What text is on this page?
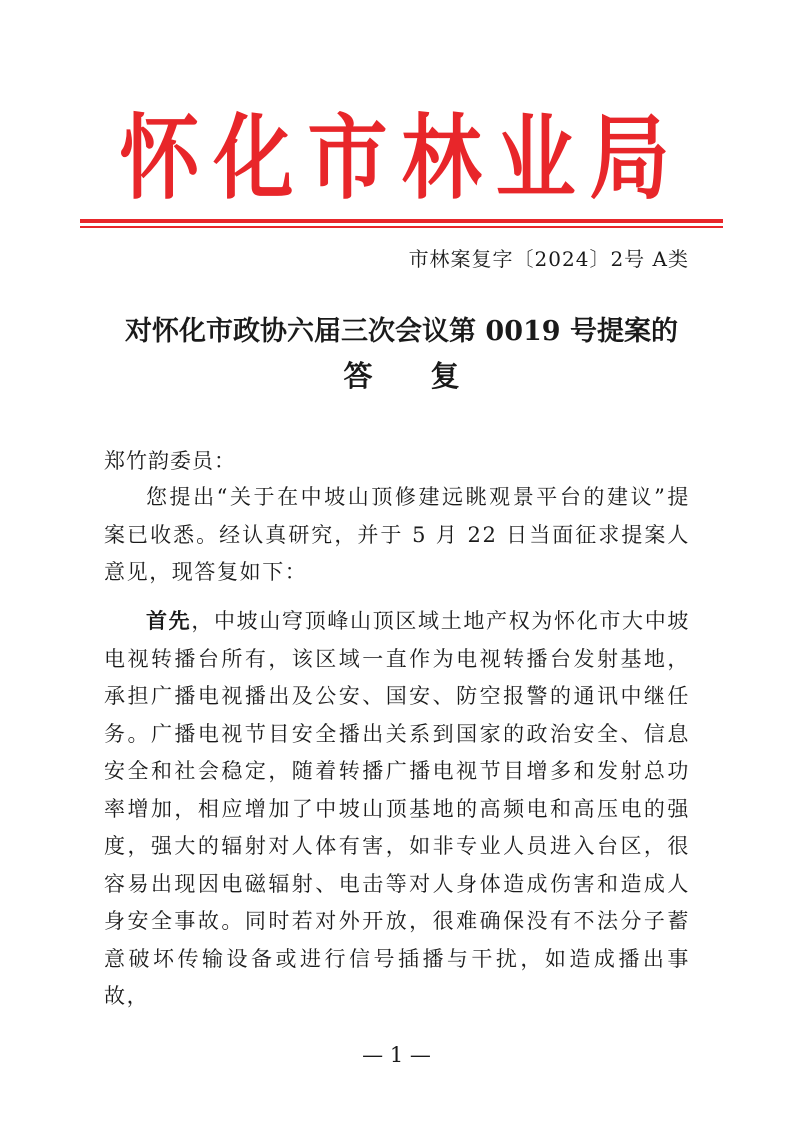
怀化市林业局
市林案复字〔2024〕2号 A类
对怀化市政协六届三次会议第 0019 号提案的
答 复
郑竹韵委员：
您提出“关于在中坡山顶修建远眺观景平台的建议”提案已收悉。经认真研究，并于 5 月 22 日当面征求提案人意见，现答复如下：
首先，中坡山穹顶峰山顶区域土地产权为怀化市大中坡电视转播台所有，该区域一直作为电视转播台发射基地，承担广播电视播出及公安、国安、防空报警的通讯中继任务。广播电视节目安全播出关系到国家的政治安全、信息安全和社会稳定，随着转播广播电视节目增多和发射总功率增加，相应增加了中坡山顶基地的高频电和高压电的强度，强大的辐射对人体有害，如非专业人员进入台区，很容易出现因电磁辐射、电击等对人身体造成伤害和造成人身安全事故。同时若对外开放，很难确保没有不法分子蓄意破坏传输设备或进行信号插播与干扰，如造成播出事故，
— 1 —
